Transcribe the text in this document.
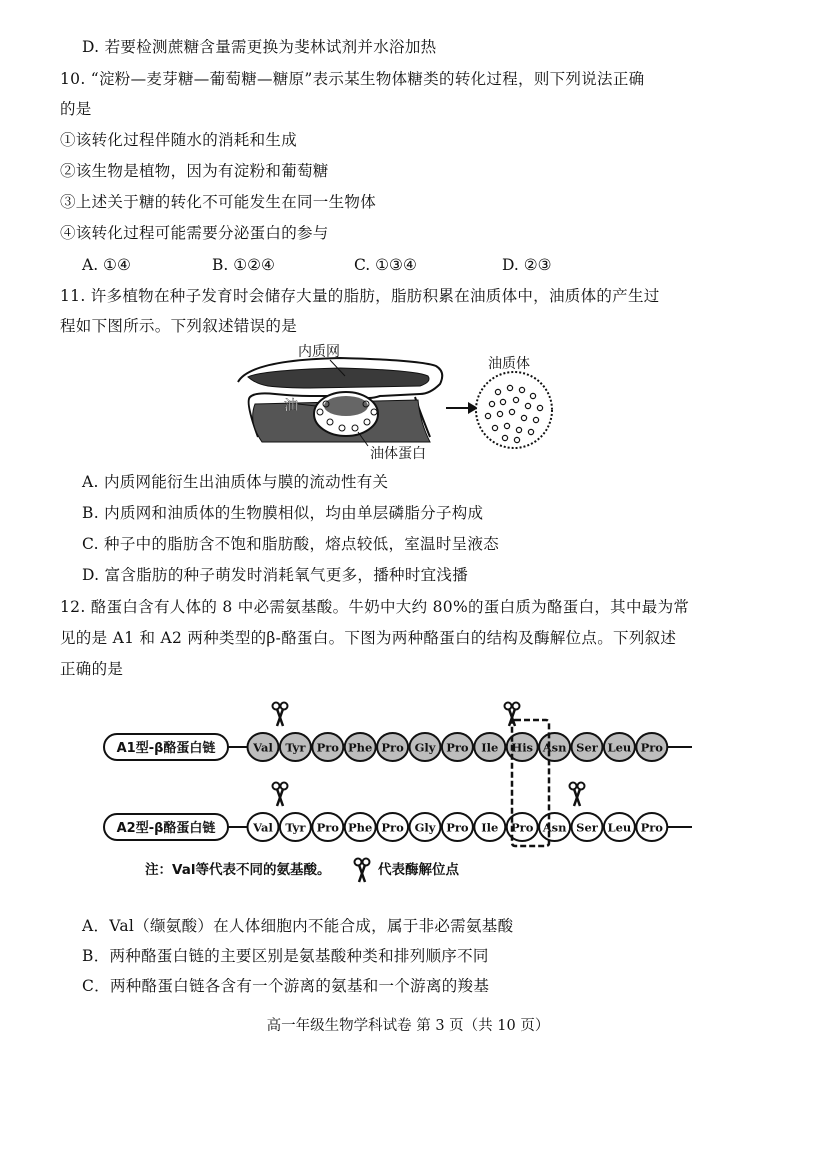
D. 若要检测蔗糖含量需更换为斐林试剂并水浴加热
10. “淀粉—麦芽糖—葡萄糖—糖原”表示某生物体糖类的转化过程，则下列说法正确
的是
①该转化过程伴随水的消耗和生成
②该生物是植物，因为有淀粉和葡萄糖
③上述关于糖的转化不可能发生在同一生物体
④该转化过程可能需要分泌蛋白的参与
A. ①④	B. ①②④	C. ①③④	D. ②③
11. 许多植物在种子发育时会储存大量的脂肪，脂肪积累在油质体中，油质体的产生过
程如下图所示。下列叙述错误的是
内质网
油
油体蛋白
油质体
A. 内质网能衍生出油质体与膜的流动性有关
B. 内质网和油质体的生物膜相似，均由单层磷脂分子构成
C. 种子中的脂肪含不饱和脂肪酸，熔点较低，室温时呈液态
D. 富含脂肪的种子萌发时消耗氧气更多，播种时宜浅播
12. 酪蛋白含有人体的 8 中必需氨基酸。牛奶中大约 80%的蛋白质为酪蛋白，其中最为常
见的是 A1 和 A2 两种类型的β-酪蛋白。下图为两种酪蛋白的结构及酶解位点。下列叙述
正确的是
A1型-β酪蛋白链
A2型-β酪蛋白链
Val Tyr Pro Phe Pro Gly Pro Ile His Asn Ser Leu Pro
Val Tyr Pro Phe Pro Gly Pro Ile Pro Asn Ser Leu Pro
注：Val等代表不同的氨基酸。	代表酶解位点
A．Val（缬氨酸）在人体细胞内不能合成，属于非必需氨基酸
B．两种酪蛋白链的主要区别是氨基酸种类和排列顺序不同
C．两种酪蛋白链各含有一个游离的氨基和一个游离的羧基
高一年级生物学科试卷 第 3 页（共 10 页）
